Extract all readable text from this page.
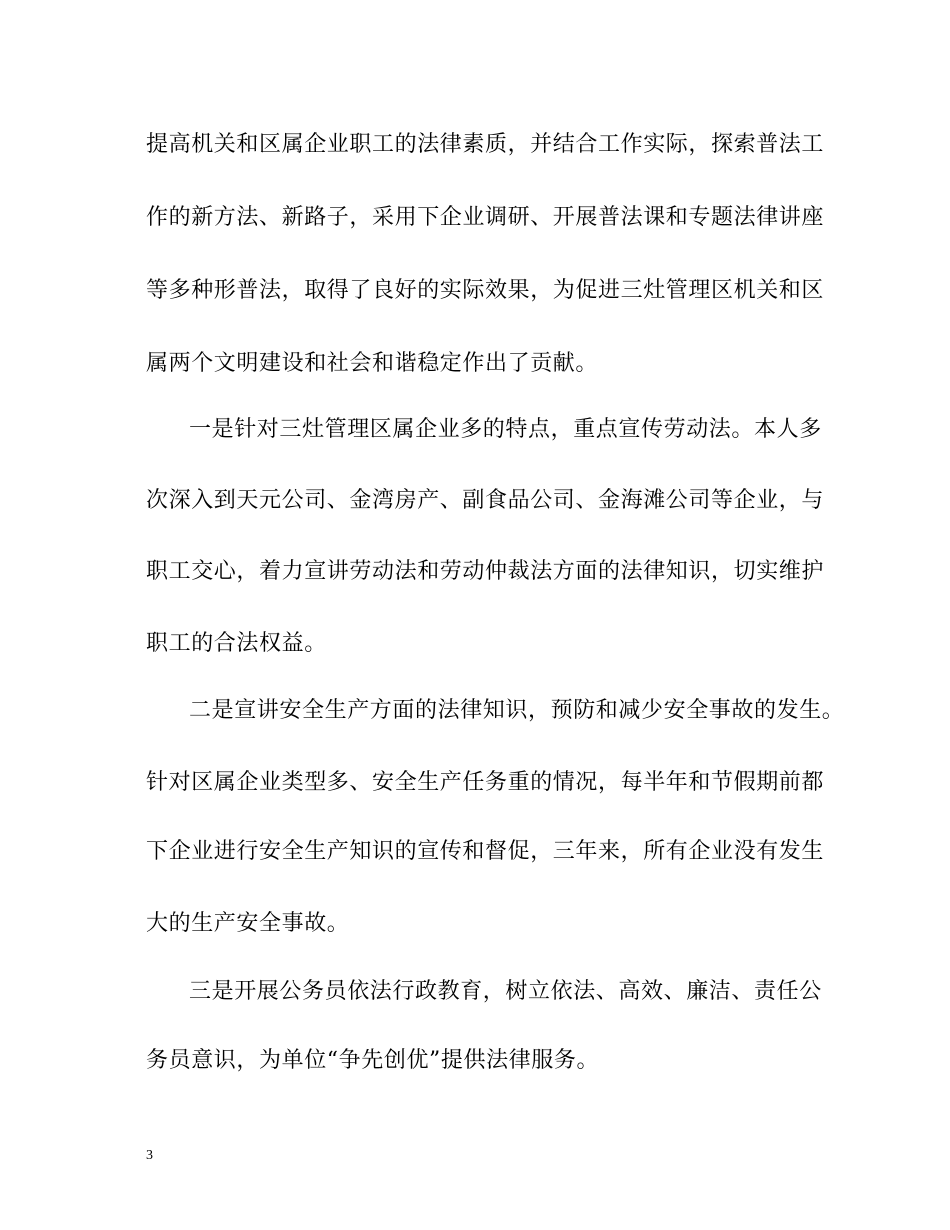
提高机关和区属企业职工的法律素质，并结合工作实际，探索普法工
作的新方法、新路子，采用下企业调研、开展普法课和专题法律讲座
等多种形普法，取得了良好的实际效果，为促进三灶管理区机关和区
属两个文明建设和社会和谐稳定作出了贡献。
一是针对三灶管理区属企业多的特点，重点宣传劳动法。本人多
次深入到天元公司、金湾房产、副食品公司、金海滩公司等企业，与
职工交心，着力宣讲劳动法和劳动仲裁法方面的法律知识，切实维护
职工的合法权益。
二是宣讲安全生产方面的法律知识，预防和减少安全事故的发生。
针对区属企业类型多、安全生产任务重的情况，每半年和节假期前都
下企业进行安全生产知识的宣传和督促，三年来，所有企业没有发生
大的生产安全事故。
三是开展公务员依法行政教育，树立依法、高效、廉洁、责任公
务员意识，为单位“争先创优”提供法律服务。
3
